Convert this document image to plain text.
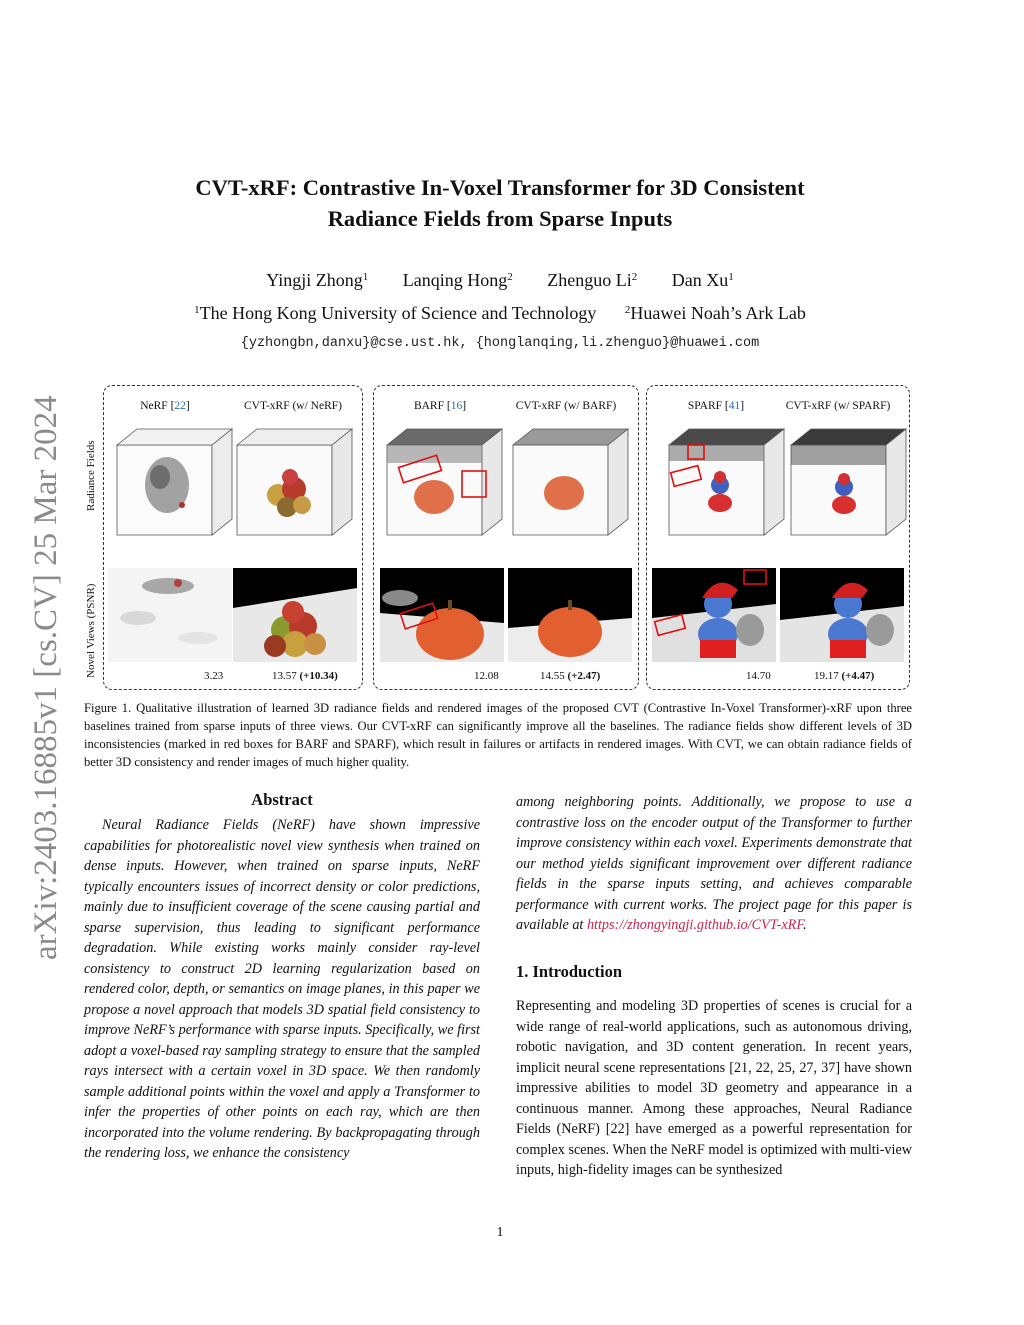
arXiv:2403.16885v1 [cs.CV] 25 Mar 2024
CVT-xRF: Contrastive In-Voxel Transformer for 3D Consistent
Radiance Fields from Sparse Inputs
Yingji Zhong$^1$ Lanqing Hong$^2$ Zhenguo Li$^2$ Dan Xu$^1$
$^1$The Hong Kong University of Science and Technology	$^2$Huawei Noah’s Ark Lab
{yzhongbn,danxu}@cse.ust.hk, {honglanqing,li.zhenguo}@huawei.com
NeRF [22]	CVT-xRF (w/ NeRF)	BARF [16]	CVT-xRF (w/ BARF)	SPARF [41]	CVT-xRF (w/ SPARF)
Radiance Fields
Novel Views (PSNR)	3.23	13.57 (+10.34)	12.08	14.55 (+2.47)	14.70	19.17 (+4.47)
Figure 1. Qualitative illustration of learned 3D radiance fields and rendered images of the proposed CVT (Contrastive In-Voxel Transformer)-xRF upon three baselines trained from sparse inputs of three views. Our CVT-xRF can significantly improve all the baselines. The radiance fields show different levels of 3D inconsistencies (marked in red boxes for BARF and SPARF), which result in failures or artifacts in rendered images. With CVT, we can obtain radiance fields of better 3D consistency and render images of much higher quality.
Abstract
Neural Radiance Fields (NeRF) have shown impressive capabilities for photorealistic novel view synthesis when trained on dense inputs. However, when trained on sparse inputs, NeRF typically encounters issues of incorrect density or color predictions, mainly due to insufficient coverage of the scene causing partial and sparse supervision, thus leading to significant performance degradation. While existing works mainly consider ray-level consistency to construct 2D learning regularization based on rendered color, depth, or semantics on image planes, in this paper we propose a novel approach that models 3D spatial field consistency to improve NeRF’s performance with sparse inputs. Specifically, we first adopt a voxel-based ray sampling strategy to ensure that the sampled rays intersect with a certain voxel in 3D space. We then randomly sample additional points within the voxel and apply a Transformer to infer the properties of other points on each ray, which are then incorporated into the volume rendering. By backpropagating through the rendering loss, we enhance the consistency
among neighboring points. Additionally, we propose to use a contrastive loss on the encoder output of the Transformer to further improve consistency within each voxel. Experiments demonstrate that our method yields significant improvement over different radiance fields in the sparse inputs setting, and achieves comparable performance with current works. The project page for this paper is available at https://zhongyingji.github.io/CVT-xRF.
1. Introduction
Representing and modeling 3D properties of scenes is crucial for a wide range of real-world applications, such as autonomous driving, robotic navigation, and 3D content generation. In recent years, implicit neural scene representations [21, 22, 25, 27, 37] have shown impressive abilities to model 3D geometry and appearance in a continuous manner. Among these approaches, Neural Radiance Fields (NeRF) [22] have emerged as a powerful representation for complex scenes. When the NeRF model is optimized with multi-view inputs, high-fidelity images can be synthesized
1
